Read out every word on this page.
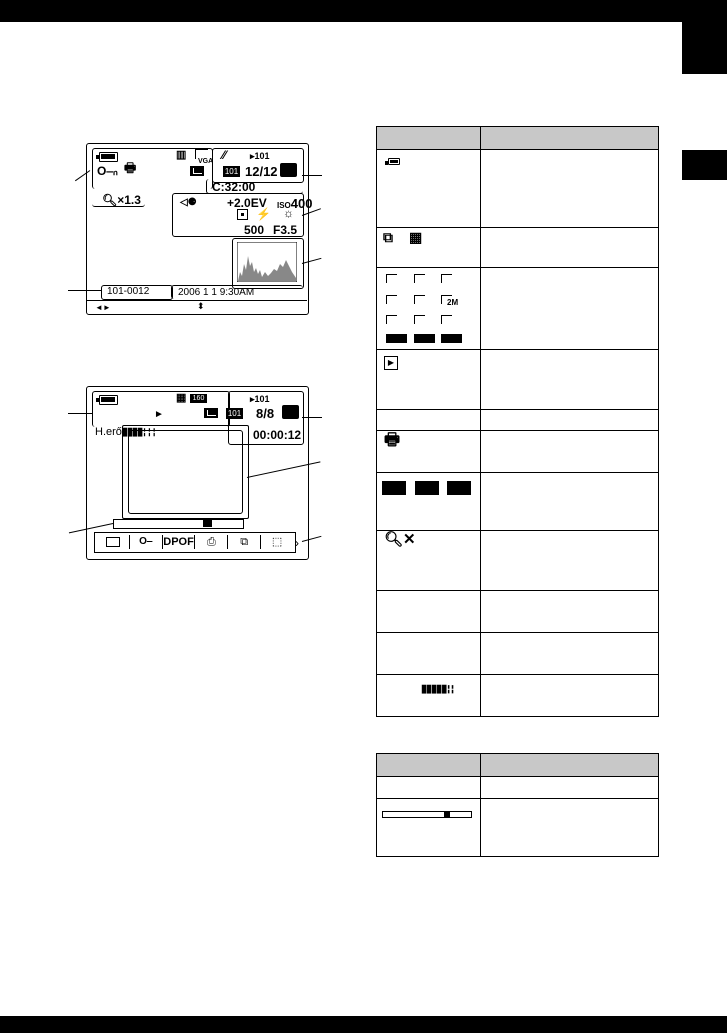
▥
VGA
O‒ₙ 🖶
🔍︎×1.3
⁄⁄	▸101
101 12/12
C:32:00
◁⚈	+2.0EV ISO400
⚡ ☼
500 F3.5
101-0012	2006 1 1 9:30AM
◄►	⬍
▦ 160
►
▸101
101 8/8
00:00:12
H.erő▮▮▮▮╏╏╏
O‒ DPOF	⎙	⧉	⬚	›

⧉ ▦	

2M	

▶	

🖶	

🔍︎✕	

▮▮▮▮▮╏╏	
